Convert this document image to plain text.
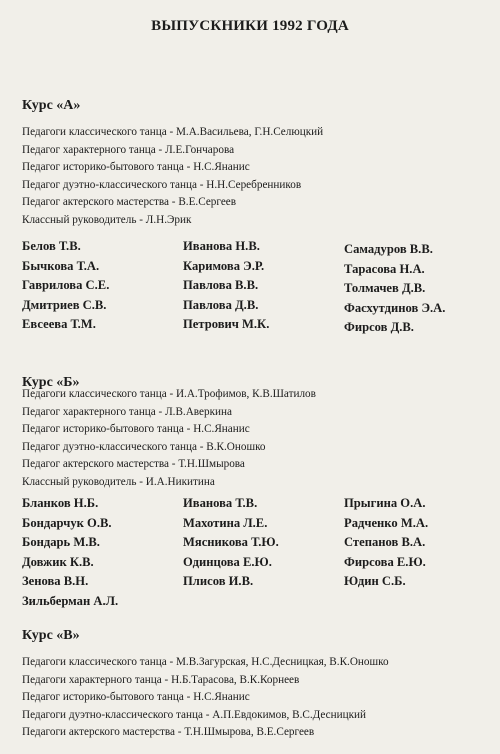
ВЫПУСКНИКИ 1992 ГОДА
Курс «А»
Педагоги классического танца - М.А.Васильева, Г.Н.Селюцкий
Педагог характерного танца - Л.Е.Гончарова
Педагог историко-бытового танца - Н.С.Янанис
Педагог дуэтно-классического танца - Н.Н.Серебренников
Педагог актерского мастерства - В.Е.Сергеев
Классный руководитель - Л.Н.Эрик
Белов Т.В.
Бычкова Т.А.
Гаврилова С.Е.
Дмитриев С.В.
Евсеева Т.М.
Иванова Н.В.
Каримова Э.Р.
Павлова В.В.
Павлова Д.В.
Петрович М.К.
Самадуров В.В.
Тарасова Н.А.
Толмачев Д.В.
Фасхутдинов Э.А.
Фирсов Д.В.
Курс «Б»
Педагоги классического танца - И.А.Трофимов, К.В.Шатилов
Педагог характерного танца - Л.В.Аверкина
Педагог историко-бытового танца - Н.С.Янанис
Педагог дуэтно-классического танца - В.К.Оношко
Педагог актерского мастерства - Т.Н.Шмырова
Классный руководитель - И.А.Никитина
Бланков Н.Б.
Бондарчук О.В.
Бондарь М.В.
Довжик К.В.
Зенова В.Н.
Зильберман А.Л.
Иванова Т.В.
Махотина Л.Е.
Мясникова Т.Ю.
Одинцова Е.Ю.
Плисов И.В.
Прыгина О.А.
Радченко М.А.
Степанов В.А.
Фирсова Е.Ю.
Юдин С.Б.
Курс «В»
Педагоги классического танца - М.В.Загурская, Н.С.Десницкая, В.К.Оношко
Педагоги характерного танца - Н.Б.Тарасова, В.К.Корнеев
Педагог историко-бытового танца - Н.С.Янанис
Педагоги дуэтно-классического танца - А.П.Евдокимов, В.С.Десницкий
Педагоги актерского мастерства - Т.Н.Шмырова, В.Е.Сергеев
